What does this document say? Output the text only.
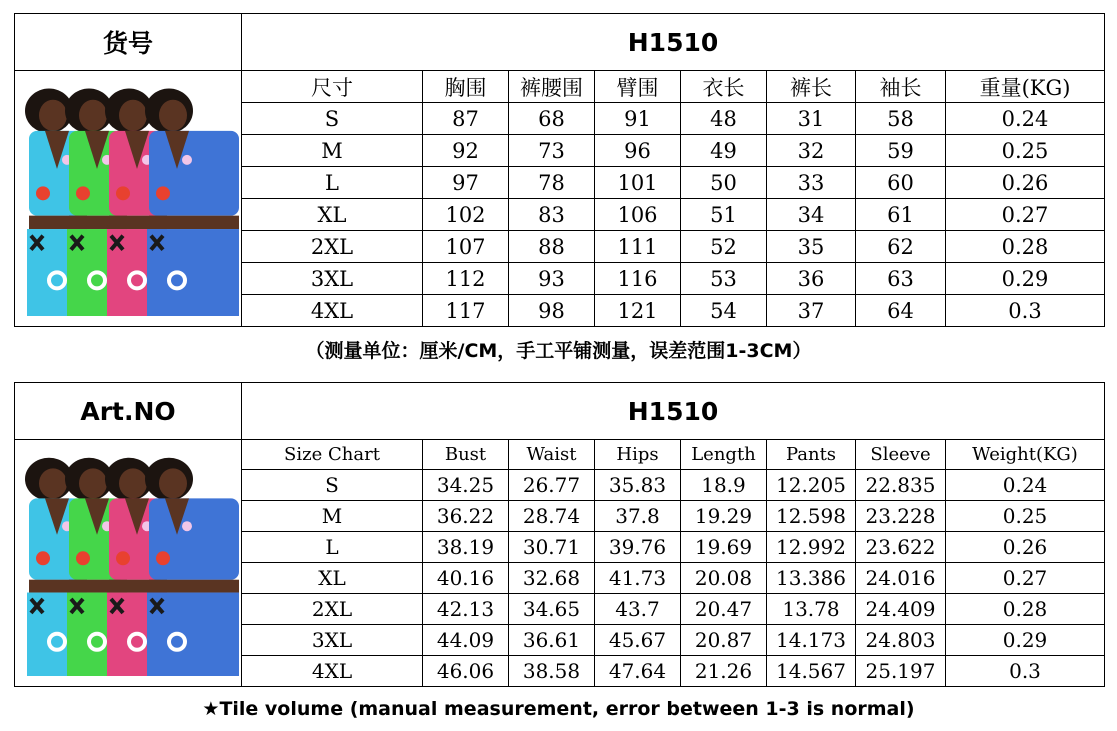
货号	H1510							

	尺寸	胸围	裤腰围	臂围	衣长	裤长	袖长	重量(KG)
	S	87	68	91	48	31	58	0.24
	M	92	73	96	49	32	59	0.25
	L	97	78	101	50	33	60	0.26
	XL	102	83	106	51	34	61	0.27
	2XL	107	88	111	52	35	62	0.28
	3XL	112	93	116	53	36	63	0.29
	4XL	117	98	121	54	37	64	0.3
（测量单位：厘米/CM，手工平铺测量，误差范围1-3CM）
Art.NO	H1510							

	Size Chart	Bust	Waist	Hips	Length	Pants	Sleeve	Weight(KG)
	S	34.25	26.77	35.83	18.9	12.205	22.835	0.24
	M	36.22	28.74	37.8	19.29	12.598	23.228	0.25
	L	38.19	30.71	39.76	19.69	12.992	23.622	0.26
	XL	40.16	32.68	41.73	20.08	13.386	24.016	0.27
	2XL	42.13	34.65	43.7	20.47	13.78	24.409	0.28
	3XL	44.09	36.61	45.67	20.87	14.173	24.803	0.29
	4XL	46.06	38.58	47.64	21.26	14.567	25.197	0.3
★Tile volume (manual measurement, error between 1-3 is normal)
